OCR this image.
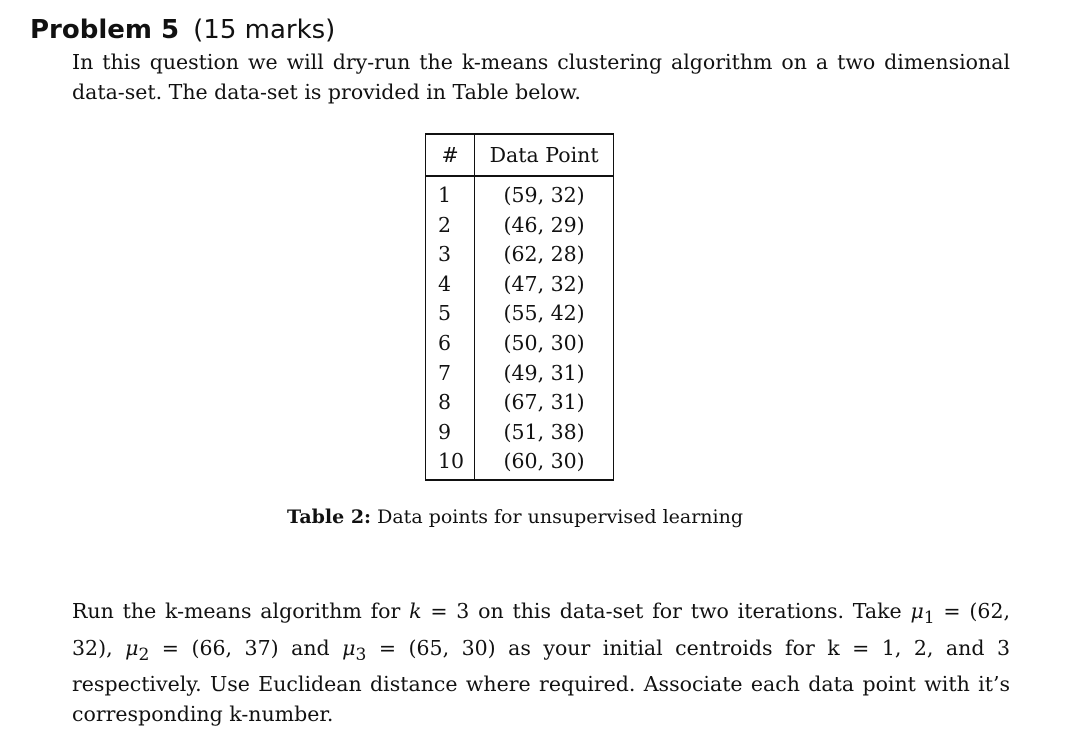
Problem 5 (15 marks)
In this question we will dry-run the k-means clustering algorithm on a two dimensional data-set. The data-set is provided in Table below.
#	Data Point
1	(59, 32)
2	(46, 29)
3	(62, 28)
4	(47, 32)
5	(55, 42)
6	(50, 30)
7	(49, 31)
8	(67, 31)
9	(51, 38)
10	(60, 30)
Table 2: Data points for unsupervised learning
Run the k-means algorithm for k = 3 on this data-set for two iterations. Take $\mu_1 = (62$, 32), $\mu_2 = (66$, 37) and $\mu_3 = (65$, 30) as your initial centroids for k = 1, 2, and 3 respectively. Use Euclidean distance where required. Associate each data point with it’s corresponding k-number.
